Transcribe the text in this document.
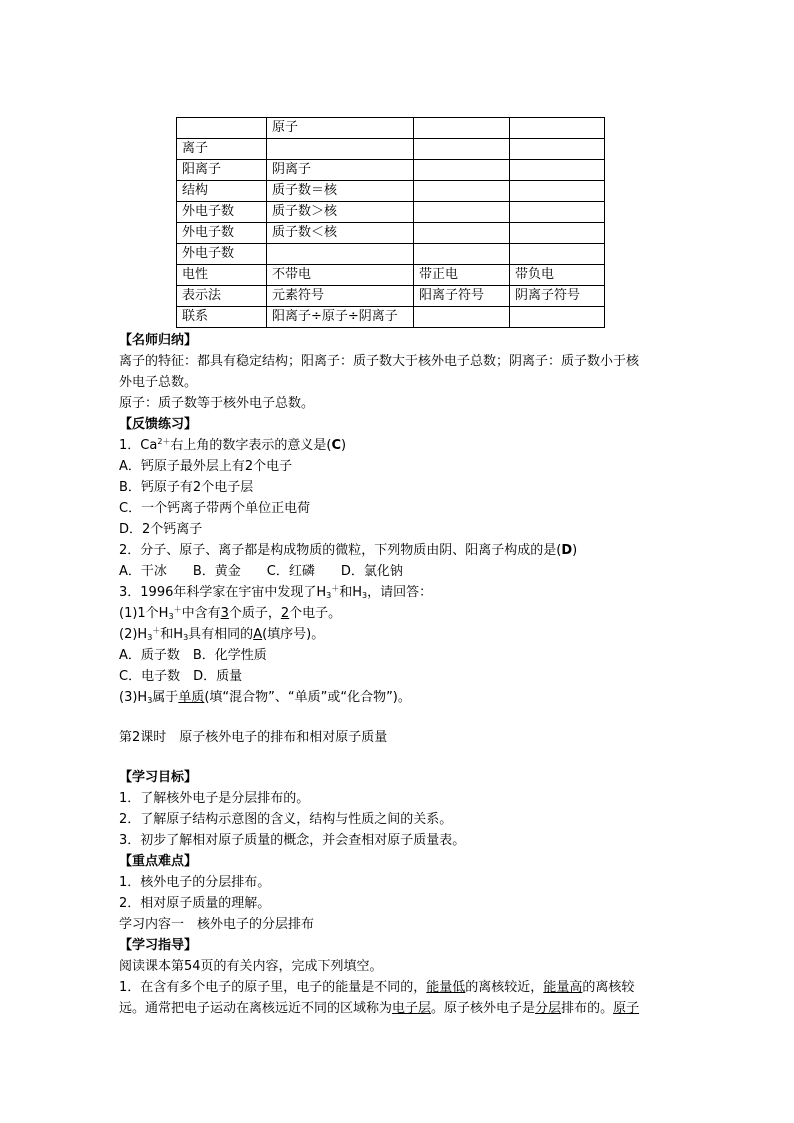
	原子		
离子			
阳离子	阴离子		
结构	质子数＝核		
外电子数	质子数＞核		
外电子数	质子数＜核		
外电子数			
电性	不带电	带正电	带负电
表示法	元素符号	阳离子符号	阴离子符号
联系	阳离子÷原子÷阴离子		
【名师归纳】
离子的特征：都具有稳定结构；阳离子：质子数大于核外电子总数；阴离子：质子数小于核
外电子总数。
原子：质子数等于核外电子总数。
【反馈练习】
1．$Ca^{2+}$右上角的数字表示的意义是(C)
A．钙原子最外层上有2个电子
B．钙原子有2个电子层
C．一个钙离子带两个单位正电荷
D．2个钙离子
2．分子、原子、离子都是构成物质的微粒，下列物质由阴、阳离子构成的是(D)
A．干冰　　B．黄金　　C．红磷　　D．氯化钠
3．1996年科学家在宇宙中发现了$H_3^+$和$H_3$，请回答：
(1)1个$H_3^+$中含有3个质子，2个电子。
$(2)H_3^+$和$H_3$具有相同的A(填序号)。
A．质子数　B．化学性质
C．电子数　D．质量
$(3)H_3$属于单质(填“混合物”、“单质”或“化合物”)。
第2课时　原子核外电子的排布和相对原子质量
【学习目标】
1．了解核外电子是分层排布的。
2．了解原子结构示意图的含义，结构与性质之间的关系。
3．初步了解相对原子质量的概念，并会查相对原子质量表。
【重点难点】
1．核外电子的分层排布。
2．相对原子质量的理解。
学习内容一　核外电子的分层排布
【学习指导】
阅读课本第54页的有关内容，完成下列填空。
1．在含有多个电子的原子里，电子的能量是不同的，能量低的离核较近，能量高的离核较
远。通常把电子运动在离核远近不同的区域称为电子层。原子核外电子是分层排布的。原子
